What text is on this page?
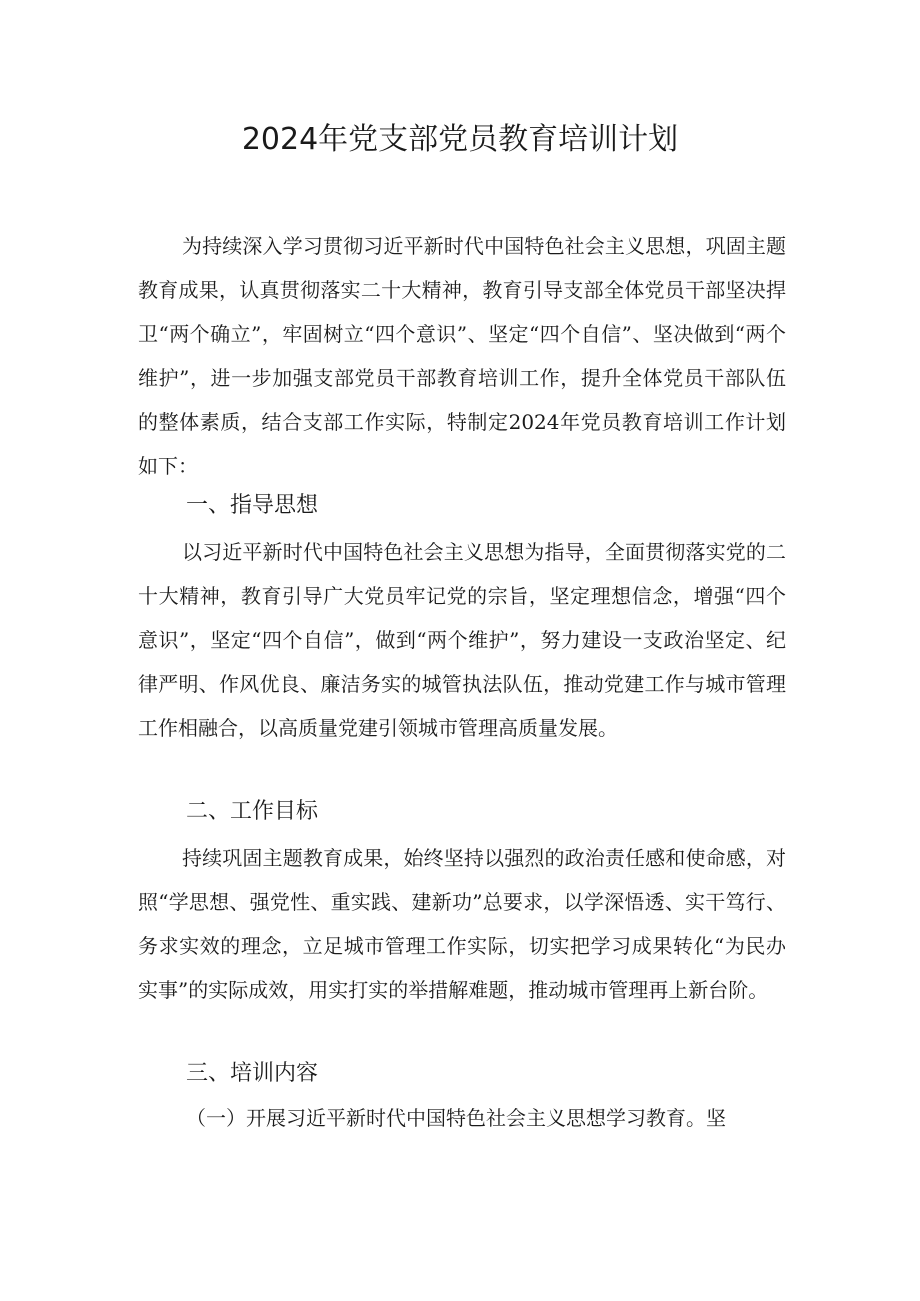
2024年党支部党员教育培训计划

为持续深入学习贯彻习近平新时代中国特色社会主义思想，巩固主题教育成果，认真贯彻落实二十大精神，教育引导支部全体党员干部坚决捍卫“两个确立”，牢固树立“四个意识”、坚定“四个自信”、坚决做到“两个维护”，进一步加强支部党员干部教育培训工作，提升全体党员干部队伍的整体素质，结合支部工作实际，特制定2024年党员教育培训工作计划如下：

一、指导思想

以习近平新时代中国特色社会主义思想为指导，全面贯彻落实党的二十大精神，教育引导广大党员牢记党的宗旨，坚定理想信念，增强“四个意识”，坚定“四个自信”，做到“两个维护”，努力建设一支政治坚定、纪律严明、作风优良、廉洁务实的城管执法队伍，推动党建工作与城市管理工作相融合，以高质量党建引领城市管理高质量发展。

二、工作目标

持续巩固主题教育成果，始终坚持以强烈的政治责任感和使命感，对照“学思想、强党性、重实践、建新功”总要求，以学深悟透、实干笃行、务求实效的理念，立足城市管理工作实际，切实把学习成果转化“为民办实事”的实际成效，用实打实的举措解难题，推动城市管理再上新台阶。

三、培训内容

（一）开展习近平新时代中国特色社会主义思想学习教育。坚
